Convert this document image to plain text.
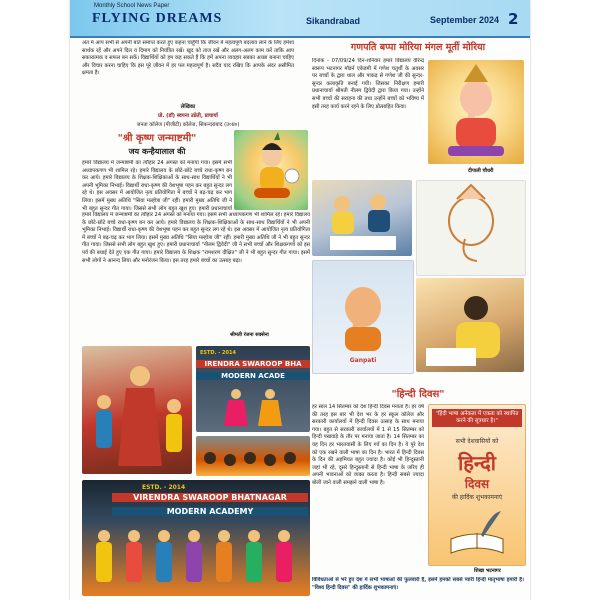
Monthly School News Paper
FLYING DREAMS	Sikandrabad	September 2024 2
अंत में आप सभी से अपनी बातें समाप्त करते हुए कहना चाहूँगी कि जीवन में महत्वपूर्ण बदलाव लाने के लिए हमेशा सार्थक रहें और अपने दिल व दिमाग को नियंत्रित रखें। खुद को ताज रखें और अलग-अलग काम करें ताकि आप सकारात्मक व सफल बन सकें। विद्यार्थियों को हम कह सकते हैं कि हमें अपना व्यवहार सबका अच्छा बनाना चाहिए और विचार करना चाहिए कि इस पूरे जीवन में हर पल महत्वपूर्ण है। सदैव याद रखिए कि आपके अंदर असीमित क्षमता है।
लेखिका
प्रो. (डॉ) स्वपना उप्रेती, प्राचार्या
जनता कॉलेज (पीजीटी) कॉलेज, सिकन्दराबाद (उ०प्र०)
"श्री कृष्ण जन्माष्टमी"
जय कन्हैयालाल की
हमारे विद्यालय में जन्माष्टमी का त्यौहार 24 अगस्त को मनाया गया। इसमें सभी अध्यापकगण भी शामिल रहे। हमारे विद्यालय के छोटे-छोटे बच्चे राधा-कृष्ण बन कर आये। हमारे विद्यालय के शिक्षक-शिक्षिकाओं के साथ-साथ विद्यार्थियों ने भी अपनी भूमिका निभाई। विद्यार्थी राधा-कृष्ण की वेशभूषा पहन कर बहुत सुन्दर लग रहे थे। इस अवसर में आयोजित नृत्य प्रतियोगिता में बच्चों ने बढ़-चढ़ कर भाग लिया। इसमें मुख्य अतिथि "सिया मल्होत्रा जी" रहीं। हमारी मुख्य अतिथि जी ने भी बहुत सुन्दर गीत गाया। जिससे सभी लोग बहुत खुश हुए। हमारी प्रधानाचार्या
हमारे विद्यालय में जन्माष्टमी का त्यौहार 24 अगस्त को मनाया गया। इसमें सभी अध्यापकगण भी शामिल रहे। हमारे विद्यालय के छोटे-छोटे बच्चे राधा-कृष्ण बन कर आये। हमारे विद्यालय के शिक्षक-शिक्षिकाओं के साथ-साथ विद्यार्थियों ने भी अपनी भूमिका निभाई। विद्यार्थी राधा-कृष्ण की वेशभूषा पहन कर बहुत सुन्दर लग रहे थे। इस अवसर में आयोजित नृत्य प्रतियोगिता में बच्चों ने बढ़-चढ़ कर भाग लिया। इसमें मुख्य अतिथि "सिया मल्होत्रा जी" रहीं। हमारी मुख्य अतिथि जी ने भी बहुत सुन्दर गीत गाया। जिससे सभी लोग बहुत खुश हुए। हमारी प्रधानाचार्या "नीलम द्विवेदी" जी ने सभी बच्चों और शिक्षकगणों को इस पर्व की बधाई देते हुए एक गीत गाया। हमारे विद्यालय के शिक्षक "रामशरण दीक्षित" जी ने भी बहुत सुन्दर गीत गाया। इसमें सभी लोगों ने आनन्द लिया और मनोरंजन किया। इस तरह हमारे बच्चों का उत्साह बढ़ा।
श्रीमती रंजना सक्सेना
गणपति बप्पा मोरिया मंगल मूर्ती मोरिया
दिनांक - 07/09/24 दिन-शनिवार हमारे विद्यालय वीरेन्द्र स्वरूप भटनागर मॉडर्न एकेडमी में गणेश चतुर्थी के अवसर पर बच्चों के द्वारा थाल और पाकड़ से गणेश जी की सुन्दर-सुन्दर कलाकृति बनाई गयी। जिसका निरीक्षण हमारी प्रधानाचार्या श्रीमती नीलम द्विवेदी द्वारा किया गया। उन्होंने सभी बच्चों की सराहना की तथा उन्होंने बच्चों को भविष्य में इसी तरह कार्य करने रहने के लिए प्रोत्साहित किया।
दीपाली चौधरी
Ganpati
ESTD. - 2014
IRENDRA SWAROOP BHA
MODERN ACADE
ESTD. - 2014
VIRENDRA SWAROOP BHATNAGAR
MODERN ACADEMY
"हिन्दी दिवस"
हर साल 14 सितम्बर को देश हिन्दी दिवस मनाता है। हर वर्ष की तरह इस बार भी देश भर के हर स्कूल कॉलेज और सरकारी कार्यालयों में हिन्दी दिवस उत्साह के साथ मनाया गया। बहुत से सरकारी कार्यालयों में 1 से 15 सितम्बर को हिन्दी पखवाड़े के तौर पर मनाया जाता है। 14 सितम्बर का यह दिन हर भारतवासी के लिए गर्व का दिन है। ये पूरे देश को एक रखने वाली भाषा का दिन है। भारत में हिन्दी दिवस के दिन की अहमियत बहुत ज्यादा है। कोई भी हिन्दुस्तानी जहां भी रहे, दूसरे हिन्दुस्तानी से हिन्दी भाषा के जरिए ही अपनी भावनाओं को व्यक्त करता है। हिन्दी सबसे ज्यादा बोली जाने वाली समझने वाली भाषा है।
"हिंदी भाषा अनेकता में एकता को स्थापित करने की सूत्रधार है।"
सभी देशवासियों को
हिन्दी
दिवस
की हार्दिक शुभकामनाएं
शिखा भटनागर
विविधताओं से भरे हुए देश में सभी भाषाओं की फुलवारी है, इसमें हमको सबसे प्यारी हिन्दी मातृभाषा हमारी है। "विश्व हिन्दी दिवस" की हार्दिक शुभकामनाएं।
